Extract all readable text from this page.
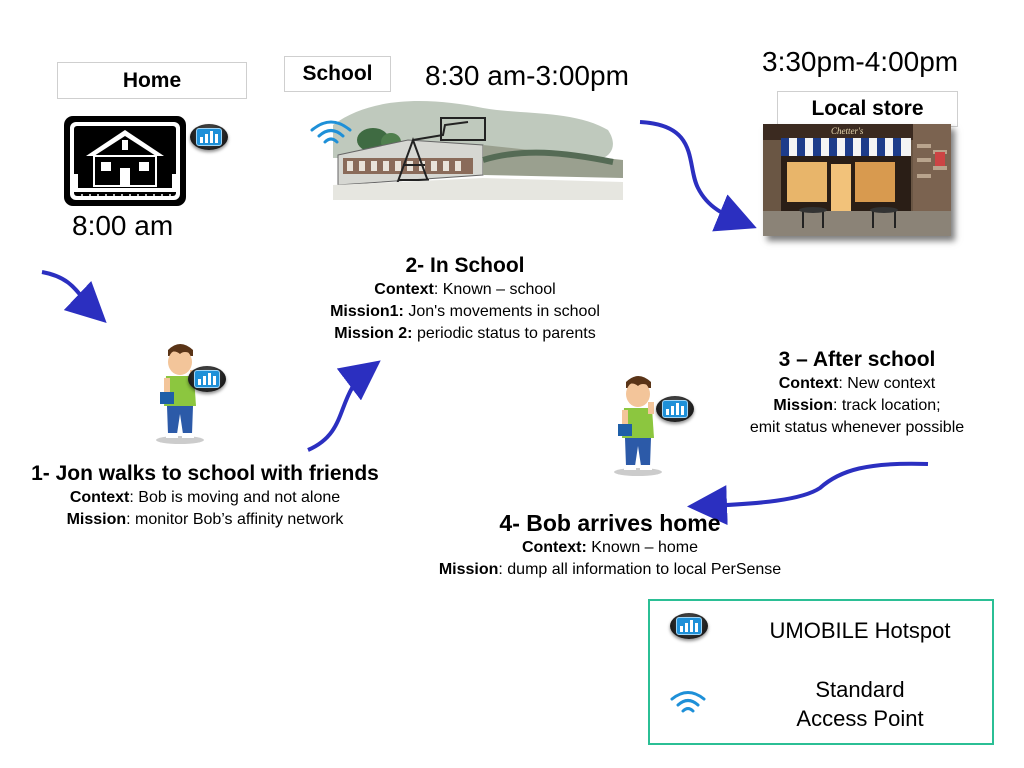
Home
8:00 am
School 8:30 am-3:00pm	3:30pm-4:00pm
Local store
Chetter's
2- In School
Context: Known – school
Mission1: Jon's movements in school
Mission 2: periodic status to parents
1- Jon walks to school with friends
Context: Bob is moving and not alone
Mission: monitor Bob’s affinity network
3 – After school
Context: New context
Mission: track location;
emit status whenever possible
4- Bob arrives home
Context: Known – home
Mission: dump all information to local PerSense
UMOBILE Hotspot
Standard
Access Point
